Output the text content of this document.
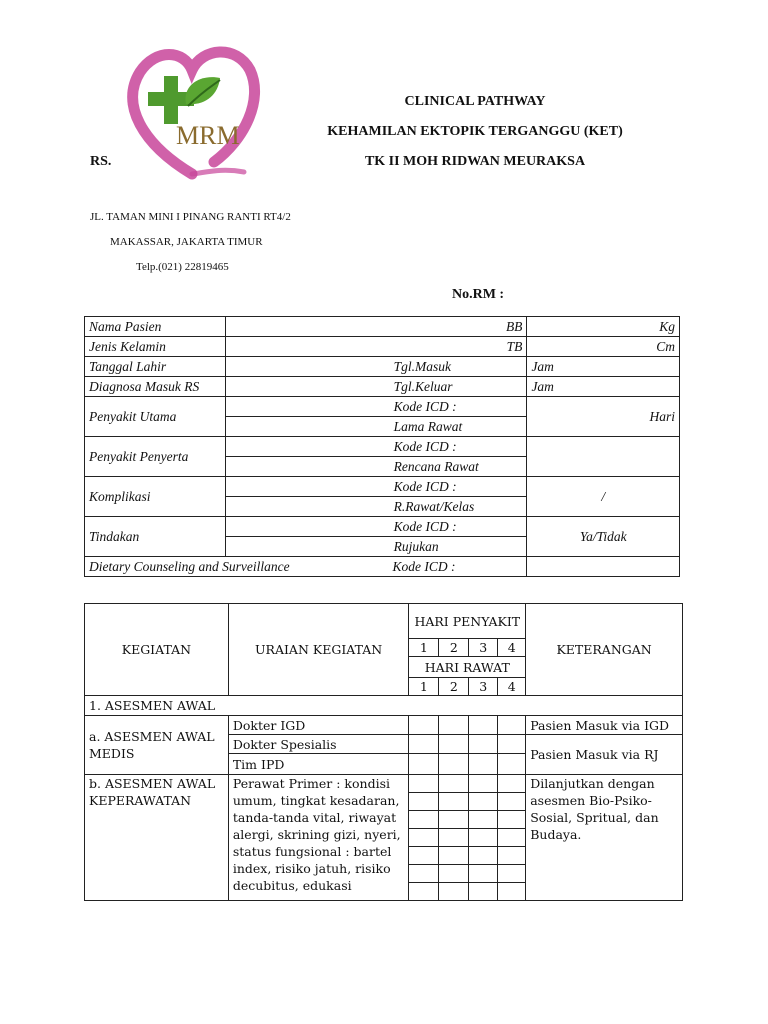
MRM
CLINICAL PATHWAY
KEHAMILAN EKTOPIK TERGANGGU (KET)
TK II MOH RIDWAN MEURAKSA
RS.
JL. TAMAN MINI I PINANG RANTI RT4/2
MAKASSAR, JAKARTA TIMUR
Telp.(021) 22819465
No.RM :
Nama Pasien	BB	Kg
Jenis Kelamin	TB	Cm
Tanggal Lahir	Tgl.Masuk	Jam
Diagnosa Masuk RS	Tgl.Keluar	Jam
Penyakit Utama	Kode ICD :	Hari
	Lama Rawat	
Penyakit Penyerta	Kode ICD :	
	Rencana Rawat	
Komplikasi	Kode ICD :	/
	R.Rawat/Kelas	
Tindakan	Kode ICD :	Ya/Tidak
	Rujukan	
Dietary Counseling and Surveillance Kode ICD :		

KEGIATAN	URAIAN KEGIATAN	HARI PENYAKIT				KETERANGAN
		1	2	3	4	
		HARI RAWAT				
		1	2	3	4	
1. ASESMEN AWAL						
a. ASESMEN AWAL MEDIS	Dokter IGD					Pasien Masuk via IGD
	Dokter Spesialis					Pasien Masuk via RJ
	Tim IPD					
b. ASESMEN AWAL KEPERAWATAN	Perawat Primer : kondisi umum, tingkat kesadaran, tanda-tanda vital, riwayat alergi, skrining gizi, nyeri, status fungsional : bartel index, risiko jatuh, risiko decubitus, edukasi					Dilanjutkan dengan asesmen Bio-Psiko-Sosial, Spritual, dan Budaya.
